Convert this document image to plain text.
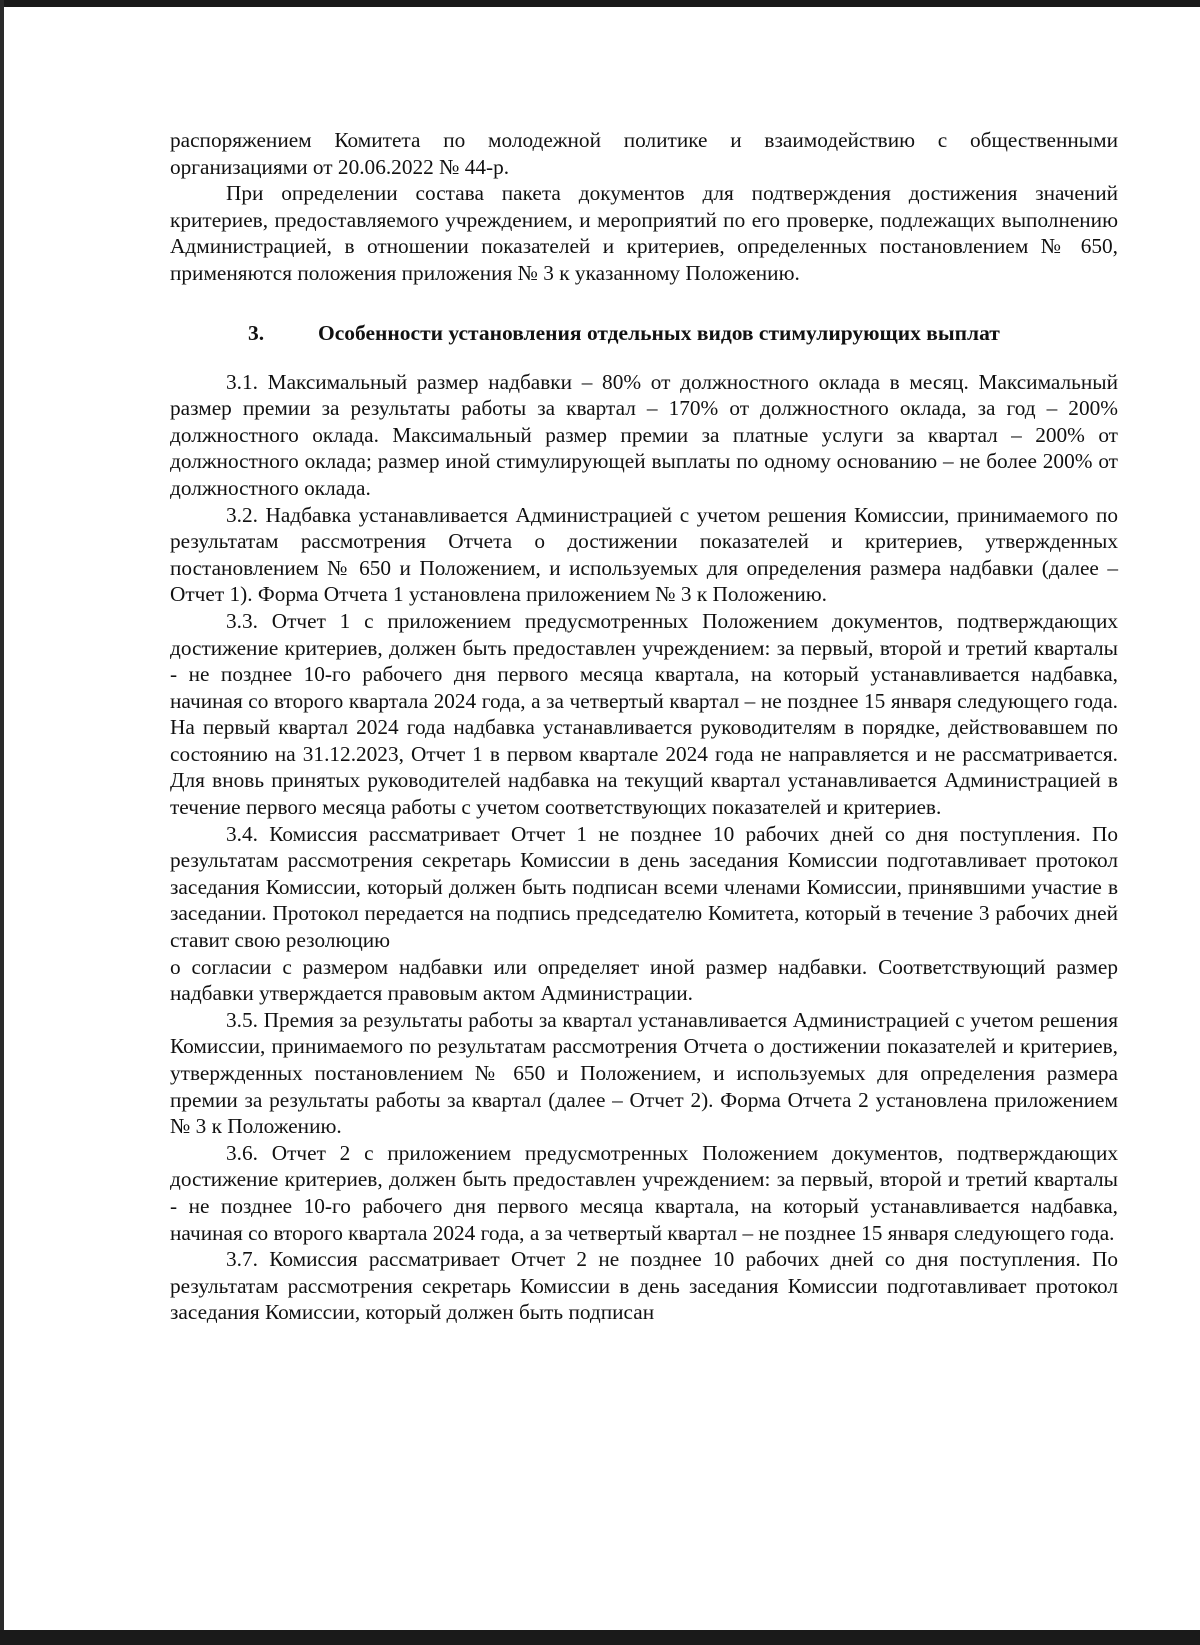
распоряжением Комитета по молодежной политике и взаимодействию с общественными организациями от 20.06.2022 № 44-р.

При определении состава пакета документов для подтверждения достижения значений критериев, предоставляемого учреждением, и мероприятий по его проверке, подлежащих выполнению Администрацией, в отношении показателей и критериев, определенных постановлением № 650, применяются положения приложения № 3 к указанному Положению.

3.	Особенности установления отдельных видов стимулирующих выплат

3.1. Максимальный размер надбавки – 80% от должностного оклада в месяц. Максимальный размер премии за результаты работы за квартал – 170% от должностного оклада, за год – 200% должностного оклада. Максимальный размер премии за платные услуги за квартал – 200% от должностного оклада; размер иной стимулирующей выплаты по одному основанию – не более 200% от должностного оклада.

3.2. Надбавка устанавливается Администрацией с учетом решения Комиссии, принимаемого по результатам рассмотрения Отчета о достижении показателей и критериев, утвержденных постановлением № 650 и Положением, и используемых для определения размера надбавки (далее – Отчет 1). Форма Отчета 1 установлена приложением № 3 к Положению.

3.3. Отчет 1 с приложением предусмотренных Положением документов, подтверждающих достижение критериев, должен быть предоставлен учреждением: за первый, второй и третий кварталы - не позднее 10-го рабочего дня первого месяца квартала, на который устанавливается надбавка, начиная со второго квартала 2024 года, а за четвертый квартал – не позднее 15 января следующего года. На первый квартал 2024 года надбавка устанавливается руководителям в порядке, действовавшем по состоянию на 31.12.2023, Отчет 1 в первом квартале 2024 года не направляется и не рассматривается. Для вновь принятых руководителей надбавка на текущий квартал устанавливается Администрацией в течение первого месяца работы с учетом соответствующих показателей и критериев.

3.4. Комиссия рассматривает Отчет 1 не позднее 10 рабочих дней со дня поступления. По результатам рассмотрения секретарь Комиссии в день заседания Комиссии подготавливает протокол заседания Комиссии, который должен быть подписан всеми членами Комиссии, принявшими участие в заседании. Протокол передается на подпись председателю Комитета, который в течение 3 рабочих дней ставит свою резолюцию

о согласии с размером надбавки или определяет иной размер надбавки. Соответствующий размер надбавки утверждается правовым актом Администрации.

3.5. Премия за результаты работы за квартал устанавливается Администрацией с учетом решения Комиссии, принимаемого по результатам рассмотрения Отчета о достижении показателей и критериев, утвержденных постановлением № 650 и Положением, и используемых для определения размера премии за результаты работы за квартал (далее – Отчет 2). Форма Отчета 2 установлена приложением № 3 к Положению.

3.6. Отчет 2 с приложением предусмотренных Положением документов, подтверждающих достижение критериев, должен быть предоставлен учреждением: за первый, второй и третий кварталы - не позднее 10-го рабочего дня первого месяца квартала, на который устанавливается надбавка, начиная со второго квартала 2024 года, а за четвертый квартал – не позднее 15 января следующего года.

3.7. Комиссия рассматривает Отчет 2 не позднее 10 рабочих дней со дня поступления. По результатам рассмотрения секретарь Комиссии в день заседания Комиссии подготавливает протокол заседания Комиссии, который должен быть подписан
